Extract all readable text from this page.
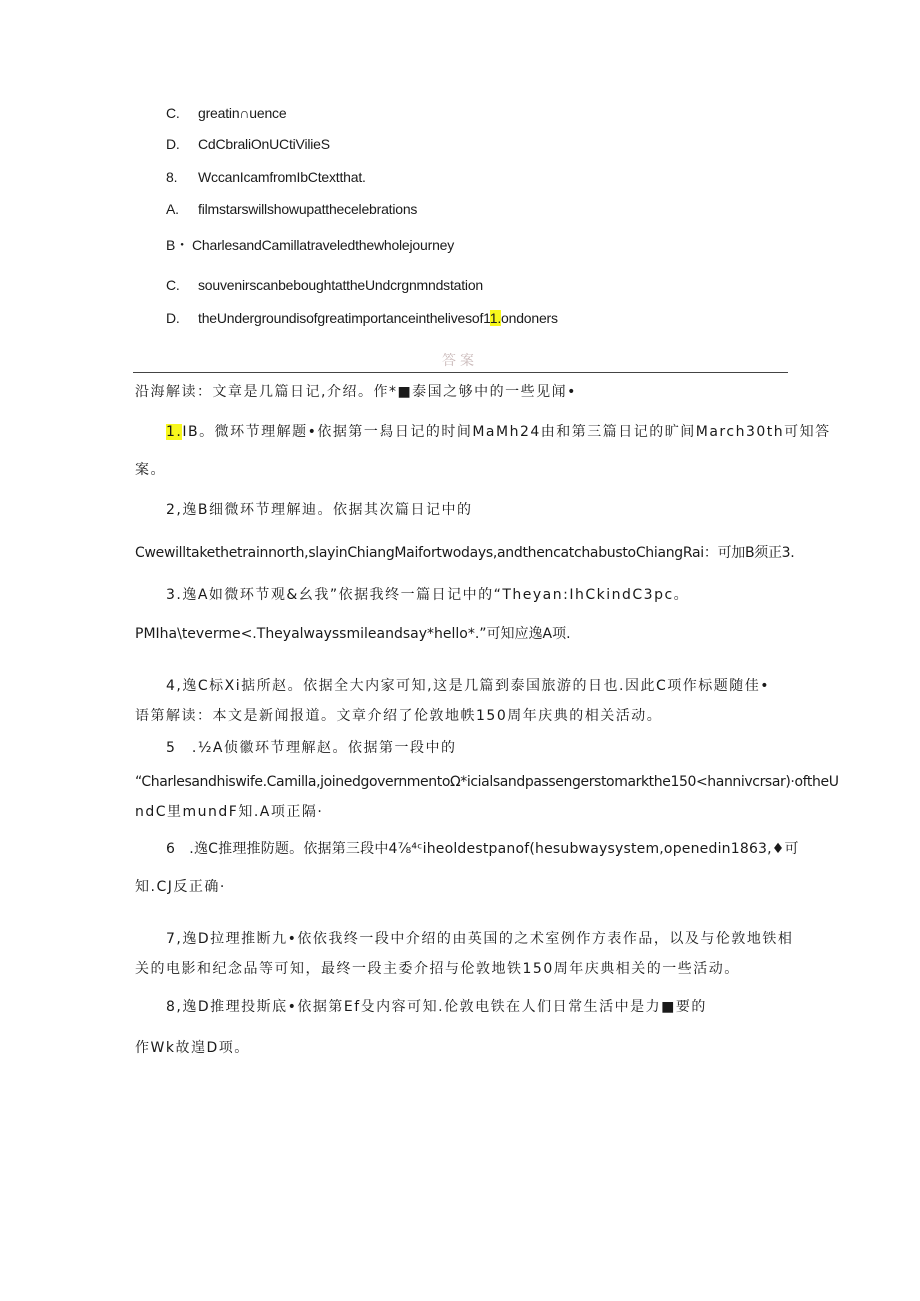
C. greatin∩uence
D. CdCbraliOnUCtiVilieS
8. WccanIcamfromIbCtextthat.
A. filmstarswillshowupatthecelebrations
B・ CharlesandCamillatraveledthewholejourney
C. souvenirscanbeboughtattheUndcrgnmndstation
D. theUndergroundisofgreatimportanceinthelivesof11.ondoners
答案
沿海解读：文章是几篇日记,介绍。作*■泰国之够中的一些见闻•
1.IB。微环节理解题•依据第一舄日记的时间MaMh24由和第三篇日记的旷间March30th可知答
案。
2,逸B细微环节理解迪。依据其次篇日记中的
Cwewilltakethetrainnorth,slayinChiangMaifortwodays,andthencatchabustoChiangRai：可加B须正3.
3.逸A如微环节观&幺我”依据我终一篇日记中的“Theyan:IhCkindC3pc。
PMIha\teverme<.Theyalwayssmileandsay*hello*.”可知应逸A项.
4,逸C标Xi掂所赵。依据全大内家可知,这是几篇到泰国旅游的日也.因此C项作标题随佳•
语第解读：本文是新闻报道。文章介绍了伦敦地帙150周年庆典的相关活动。
5　.½A侦徽环节理解赵。依据第一段中的
“Charlesandhiswife.Camilla,joinedgovernmentoΩ*icialsandpassengerstomarkthe150<hannivcrsar)·oftheU
ndC里mundF知.A项正隔·
6　.逸C推理推防题。依据第三段中4⅞⁴ᶜiheoldestpanof(hesubwaysystem,openedin1863,♦可
知.CJ反正确·
7,逸D拉理推断九•依依我终一段中介绍的由英国的之术室例作方表作品，以及与伦敦地铁相
关的电影和纪念品等可知，最终一段主委介招与伦敦地铁150周年庆典相关的一些活动。
8,逸D推理投斯底•依据第Ef殳内容可知.伦敦电铁在人们日常生活中是力■要的
作Wk故遑D项。
